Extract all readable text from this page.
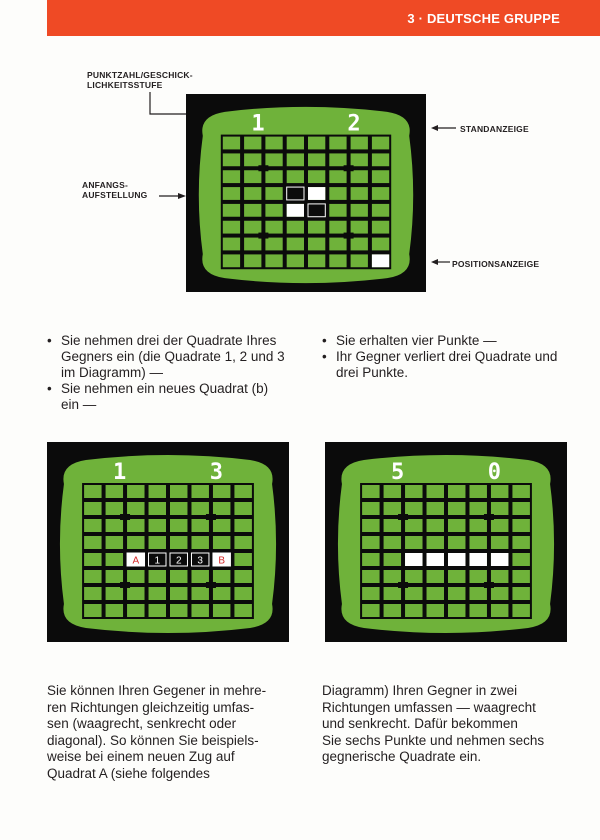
3 · DEUTSCHE GRUPPE
PUNKTZAHL/GESCHICK-
LICHKEITSSTUFE
ANFANGS-
AUFSTELLUNG
STANDANZEIGE
POSITIONSANZEIGE
1	2
A 1 2 3 B
1	3	5	0
• Sie nehmen drei der Quadrate Ihres Gegners ein (die Quadrate 1, 2 und 3 im Diagramm) —
• Sie nehmen ein neues Quadrat (b) ein —
• Sie erhalten vier Punkte —
• Ihr Gegner verliert drei Quadrate und drei Punkte.

Sie können Ihren Gegener in mehre-
ren Richtungen gleichzeitig umfas-
sen (waagrecht, senkrecht oder
diagonal). So können Sie beispiels-
weise bei einem neuen Zug auf
Quadrat A (siehe folgendes

Diagramm) Ihren Gegner in zwei
Richtungen umfassen — waagrecht
und senkrecht. Dafür bekommen
Sie sechs Punkte und nehmen sechs
gegnerische Quadrate ein.
